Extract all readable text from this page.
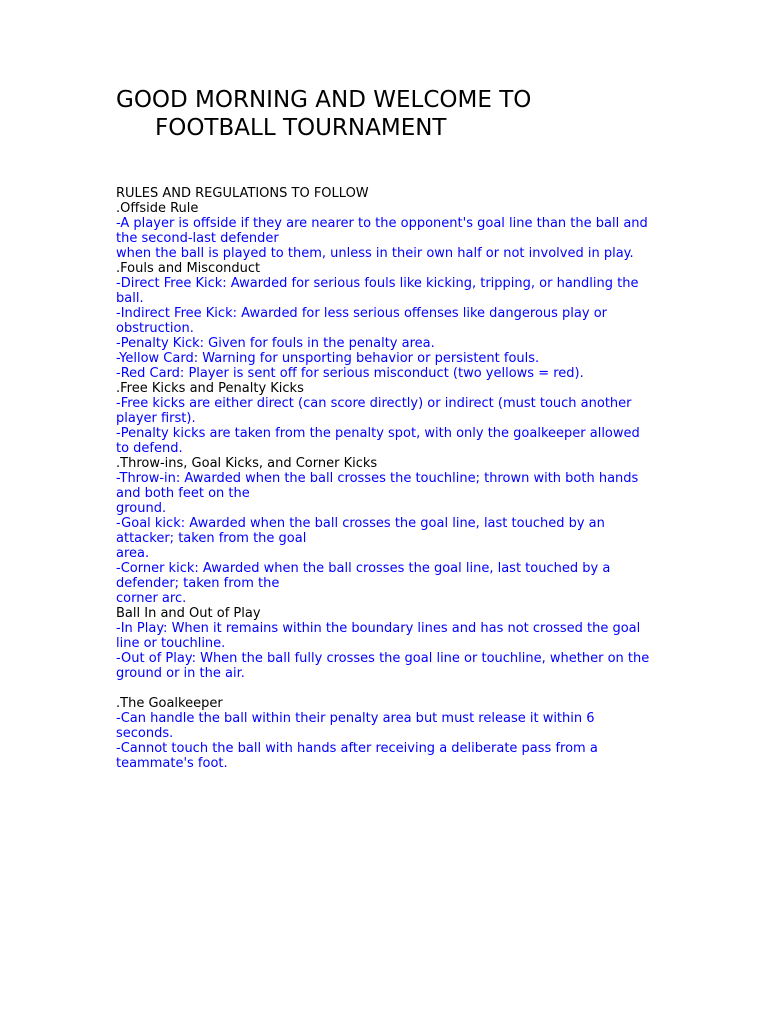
GOOD MORNING AND WELCOME TO
FOOTBALL TOURNAMENT

RULES AND REGULATIONS TO FOLLOW

.Offside Rule

-A player is offside if they are nearer to the opponent's goal line than the ball and the second-last defender

when the ball is played to them, unless in their own half or not involved in play.

.Fouls and Misconduct

-Direct Free Kick: Awarded for serious fouls like kicking, tripping, or handling the ball.

-Indirect Free Kick: Awarded for less serious offenses like dangerous play or obstruction.

-Penalty Kick: Given for fouls in the penalty area.

-Yellow Card: Warning for unsporting behavior or persistent fouls.

-Red Card: Player is sent off for serious misconduct (two yellows = red).

.Free Kicks and Penalty Kicks

-Free kicks are either direct (can score directly) or indirect (must touch another player first).

-Penalty kicks are taken from the penalty spot, with only the goalkeeper allowed to defend.

.Throw-ins, Goal Kicks, and Corner Kicks

-Throw-in: Awarded when the ball crosses the touchline; thrown with both hands and both feet on the

ground.

-Goal kick: Awarded when the ball crosses the goal line, last touched by an attacker; taken from the goal

area.

-Corner kick: Awarded when the ball crosses the goal line, last touched by a defender; taken from the

corner arc.

Ball In and Out of Play

-In Play: When it remains within the boundary lines and has not crossed the goal line or touchline.

-Out of Play: When the ball fully crosses the goal line or touchline, whether on the ground or in the air.

.The Goalkeeper

-Can handle the ball within their penalty area but must release it within 6 seconds.

-Cannot touch the ball with hands after receiving a deliberate pass from a teammate's foot.
